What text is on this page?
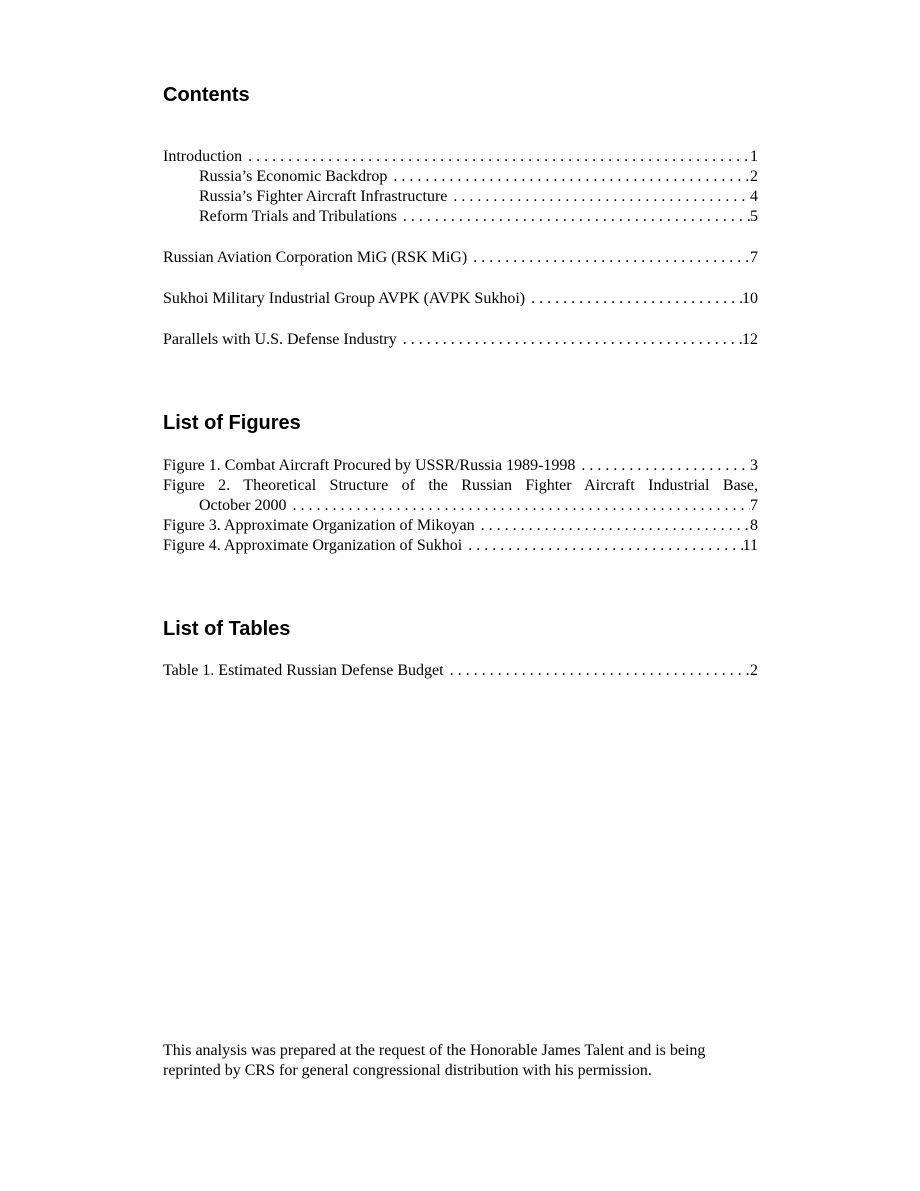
Contents
Introduction . . .	1
Russia’s Economic Backdrop . . .	2
Russia’s Fighter Aircraft Infrastructure . . .	4
Reform Trials and Tribulations . . .	5
Russian Aviation Corporation MiG (RSK MiG) . . .	7
Sukhoi Military Industrial Group AVPK (AVPK Sukhoi) . . .	10
Parallels with U.S. Defense Industry . . .	12
List of Figures
Figure 1. Combat Aircraft Procured by USSR/Russia 1989-1998 . . .	3
Figure 2. Theoretical Structure of the Russian Fighter Aircraft Industrial Base,
October 2000 . . .	7
Figure 3. Approximate Organization of Mikoyan . . .	8
Figure 4. Approximate Organization of Sukhoi . . .	11
List of Tables
Table 1. Estimated Russian Defense Budget . . .	2
This analysis was prepared at the request of the Honorable James Talent and is being
reprinted by CRS for general congressional distribution with his permission.
